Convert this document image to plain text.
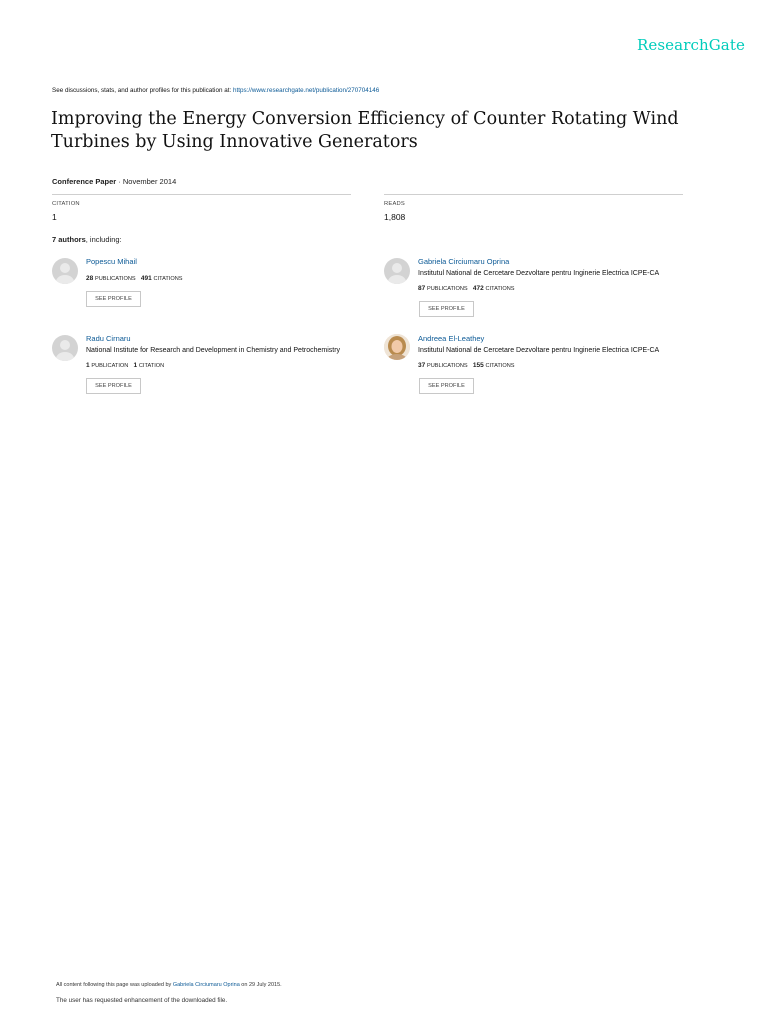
ResearchGate
See discussions, stats, and author profiles for this publication at: https://www.researchgate.net/publication/270704146
Improving the Energy Conversion Efficiency of Counter Rotating Wind Turbines by Using Innovative Generators
Conference Paper · November 2014
CITATION
1
READS
1,808
7 authors, including:
Popescu Mihail
28 PUBLICATIONS 491 CITATIONS
SEE PROFILE
Gabriela Circiumaru Oprina
Institutul National de Cercetare Dezvoltare pentru Inginerie Electrica ICPE-CA
87 PUBLICATIONS 472 CITATIONS
SEE PROFILE
Radu Cirnaru
National Institute for Research and Development in Chemistry and Petrochemistry
1 PUBLICATION 1 CITATION
SEE PROFILE
Andreea El-Leathey
Institutul National de Cercetare Dezvoltare pentru Inginerie Electrica ICPE-CA
37 PUBLICATIONS 155 CITATIONS
SEE PROFILE
All content following this page was uploaded by Gabriela Circiumaru Oprina on 29 July 2015.
The user has requested enhancement of the downloaded file.
